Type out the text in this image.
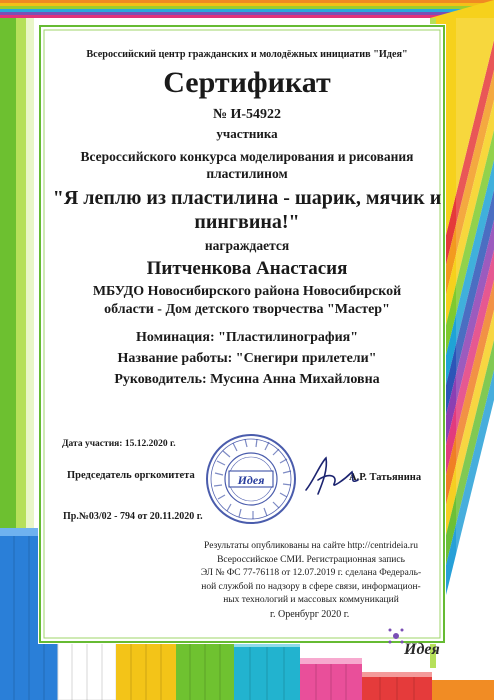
Всероссийский центр гражданских и молодёжных инициатив "Идея"
Сертификат
№ И-54922
участника
Всероссийского конкурса моделирования и рисования
пластилином
"Я леплю из пластилина - шарик, мячик и
пингвина!"
награждается
Питченкова Анастасия
МБУДО Новосибирского района Новосибирской
области - Дом детского творчества "Мастер"
Номинация: "Пластилинография"
Название работы: "Снегири прилетели"
Руководитель: Мусина Анна Михайловна
Дата участия: 15.12.2020 г.
Председатель оргкомитета	А.Р. Татьянина
Пр.№03/02 - 794 от 20.11.2020 г.
Результаты опубликованы на сайте http://centrideia.ru
Всероссийское СМИ. Регистрационная запись
ЭЛ № ФС 77-76118 от 12.07.2019 г. сделана Федераль-
ной службой по надзору в сфере связи, информацион-
ных технологий и массовых коммуникаций
г. Оренбург 2020 г.
Идея
Идея
